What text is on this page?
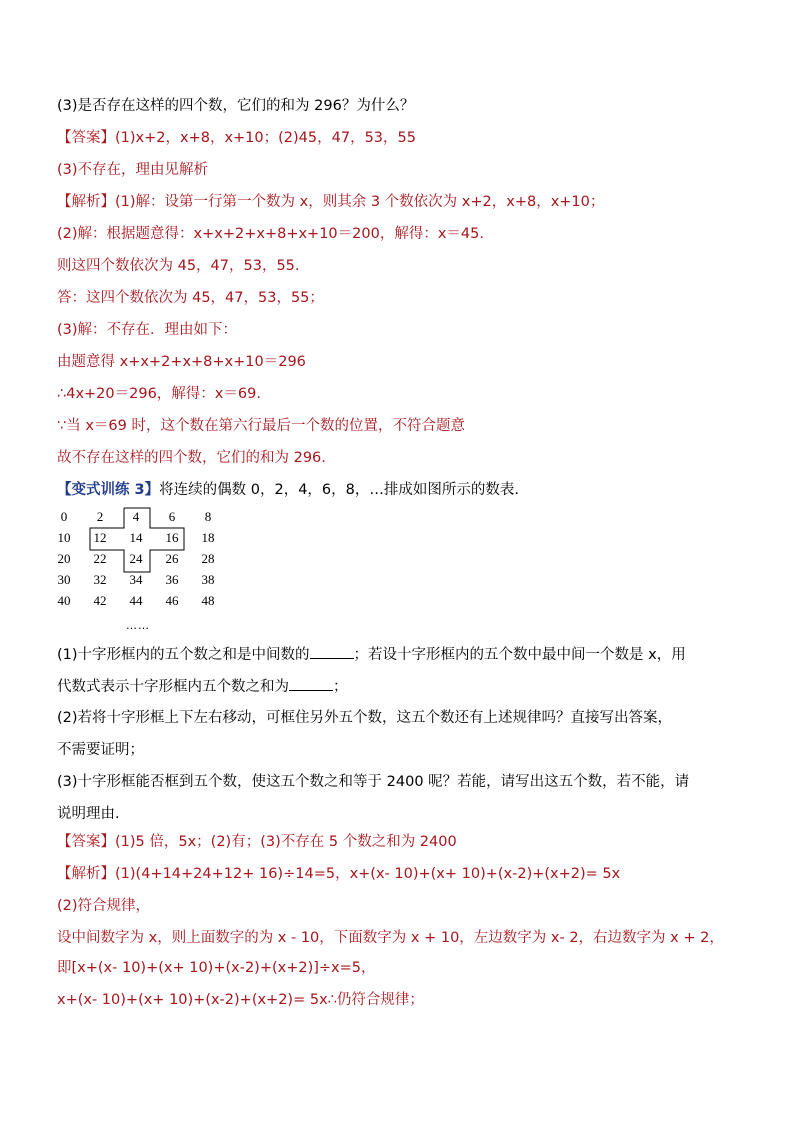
(3)是否存在这样的四个数，它们的和为 296？为什么？
【答案】(1)x+2，x+8，x+10；(2)45，47，53，55
(3)不存在，理由见解析
【解析】(1)解：设第一行第一个数为 x，则其余 3 个数依次为 x+2，x+8，x+10；
(2)解：根据题意得：x+x+2+x+8+x+10＝200，解得：x＝45.
则这四个数依次为 45，47，53，55.
答：这四个数依次为 45，47，53，55；
(3)解：不存在．理由如下：
由题意得 x+x+2+x+8+x+10＝296
∴4x+20＝296，解得：x＝69.
∵当 x＝69 时，这个数在第六行最后一个数的位置，不符合题意
故不存在这样的四个数，它们的和为 296.
【变式训练 3】将连续的偶数 0，2，4，6，8，…排成如图所示的数表.
0	2	4	6	8
10	12	14	16	18
20	22	24	26	28
30	32	34	36	38
40	42	44	46	48
……
(1)十字形框内的五个数之和是中间数的	；若设十字形框内的五个数中最中间一个数是 x，用
代数式表示十字形框内五个数之和为	；
(2)若将十字形框上下左右移动，可框住另外五个数，这五个数还有上述规律吗？直接写出答案，
不需要证明；
(3)十字形框能否框到五个数，使这五个数之和等于 2400 呢？若能，请写出这五个数，若不能，请
说明理由.
【答案】(1)5 倍，5x；(2)有；(3)不存在 5 个数之和为 2400
【解析】(1)(4+14+24+12+ 16)÷14=5，x+(x- 10)+(x+ 10)+(x-2)+(x+2)= 5x
(2)符合规律，
设中间数字为 x，则上面数字的为 x - 10，下面数字为 x + 10，左边数字为 x- 2，右边数字为 x + 2，
即[x+(x- 10)+(x+ 10)+(x-2)+(x+2)]÷x=5，
x+(x- 10)+(x+ 10)+(x-2)+(x+2)= 5x∴仍符合规律；
